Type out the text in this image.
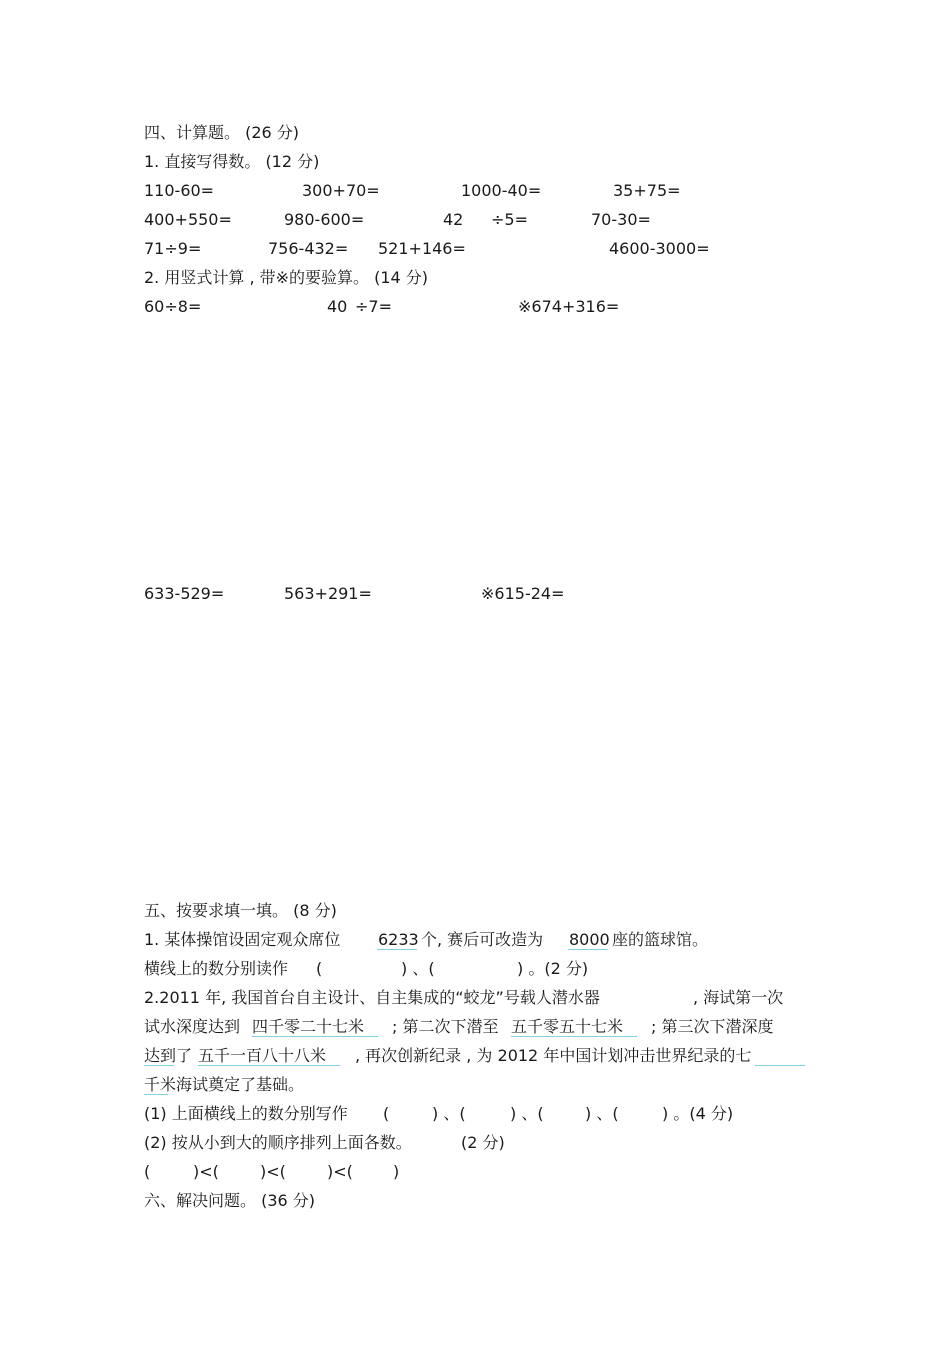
四、计算题。 (26 分)
1. 直接写得数。 (12 分)
110-60=	300+70=	1000-40=	35+75=
400+550=	980-600=	42 ÷5=	70-30=
71÷9=	756-432= 521+146=	4600-3000=
2. 用竖式计算 , 带※的要验算。 (14 分)
60÷8=	40 ÷7=	※674+316=
633-529=	563+291=	※615-24=
五、按要求填一填。 (8 分)
1. 某体操馆设固定观众席位 6233 个, 赛后可改造为 8000 座的篮球馆。
横线上的数分别读作 (	) 、(	) 。(2 分)
2.2011 年, 我国首台自主设计、自主集成的“蛟龙”号载人潜水器	, 海试第一次
试水深度达到 四千零二十七米 ; 第二次下潜至 五千零五十七米 ; 第三次下潜深度
达到了 五千一百八十八米 , 再次创新纪录 , 为 2012 年中国计划冲击世界纪录的七
千米海试奠定了基础。
(1) 上面横线上的数分别写作 (	) 、(	) 、(	) 、(	) 。(4 分)
(2) 按从小到大的顺序排列上面各数。	(2 分)
(	)<(	)<(	)<(	)
六、解决问题。 (36 分)
